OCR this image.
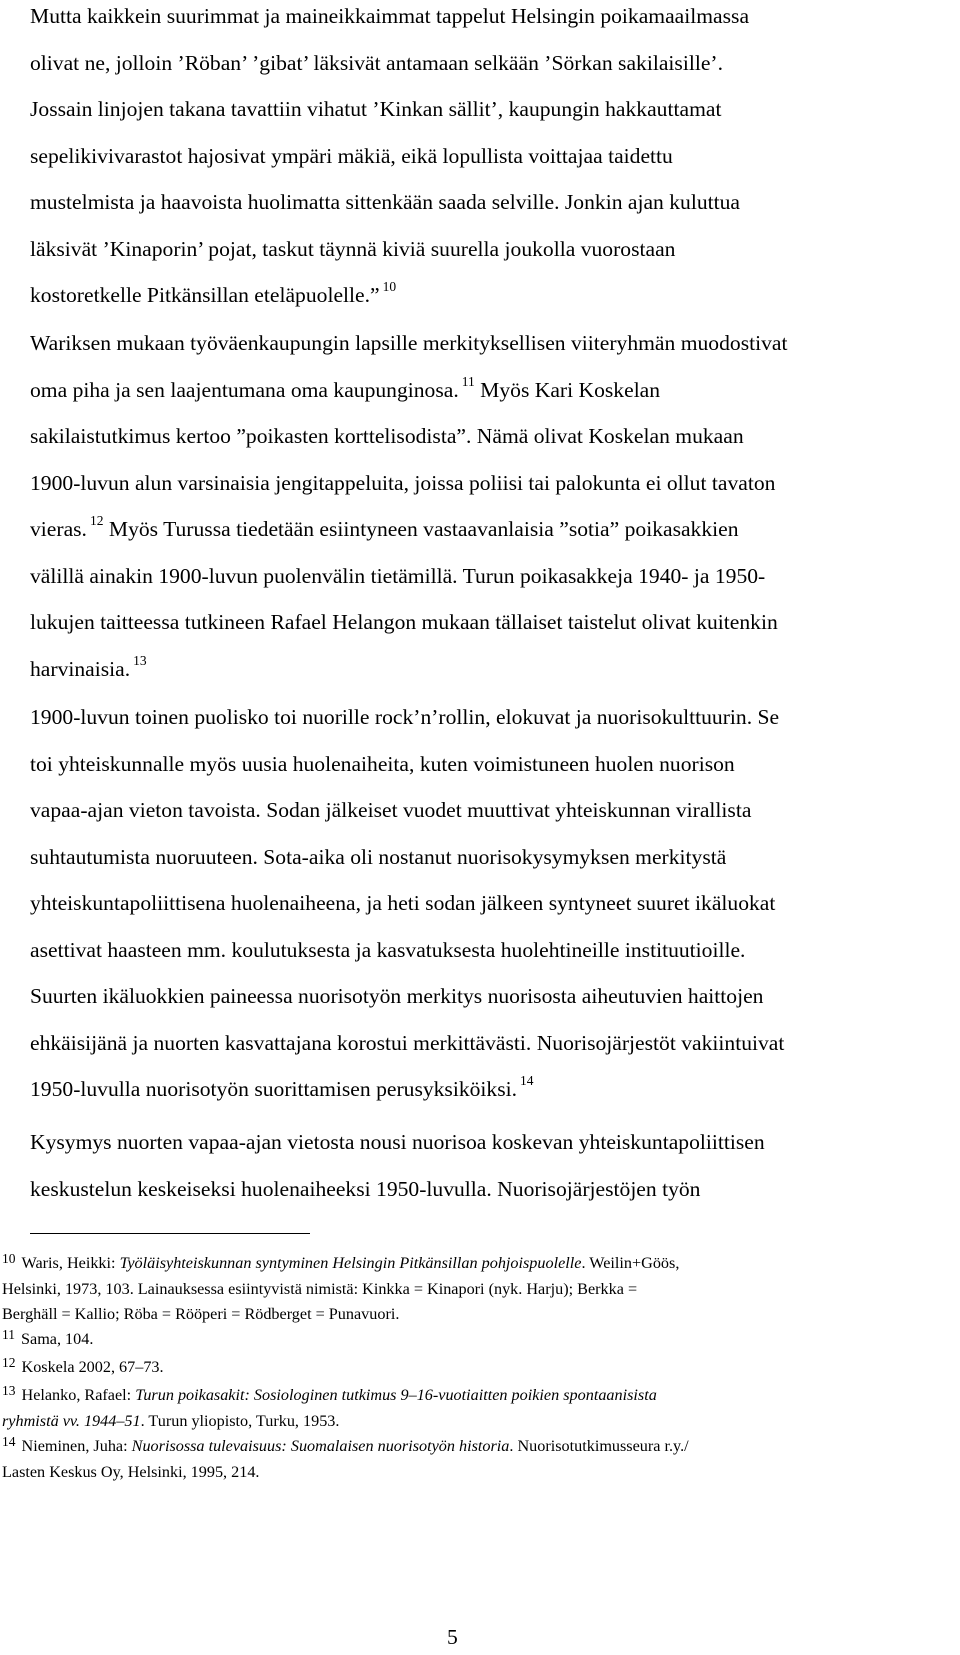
Mutta kaikkein suurimmat ja maineikkaimmat tappelut Helsingin poikamaailmassa

olivat ne, jolloin ’Röban’ ’gibat’ läksivät antamaan selkään ’Sörkan sakilaisille’.

Jossain linjojen takana tavattiin vihatut ’Kinkan sällit’, kaupungin hakkauttamat

sepelikivivarastot hajosivat ympäri mäkiä, eikä lopullista voittajaa taidettu

mustelmista ja haavoista huolimatta sittenkään saada selville. Jonkin ajan kuluttua

läksivät ’Kinaporin’ pojat, taskut täynnä kiviä suurella joukolla vuorostaan

kostoretkelle Pitkänsillan eteläpuolelle.” $^{10}$

Wariksen mukaan työväenkaupungin lapsille merkityksellisen viiteryhmän muodostivat

oma piha ja sen laajentumana oma kaupunginosa. $^{11}$ Myös Kari Koskelan

sakilaistutkimus kertoo ”poikasten korttelisodista”. Nämä olivat Koskelan mukaan

1900-luvun alun varsinaisia jengitappeluita, joissa poliisi tai palokunta ei ollut tavaton

vieras. $^{12}$ Myös Turussa tiedetään esiintyneen vastaavanlaisia ”sotia” poikasakkien

välillä ainakin 1900-luvun puolenvälin tietämillä. Turun poikasakkeja 1940- ja 1950-

lukujen taitteessa tutkineen Rafael Helangon mukaan tällaiset taistelut olivat kuitenkin

harvinaisia. $^{13}$

1900-luvun toinen puolisko toi nuorille rock’n’rollin, elokuvat ja nuorisokulttuurin. Se

toi yhteiskunnalle myös uusia huolenaiheita, kuten voimistuneen huolen nuorison

vapaa-ajan vieton tavoista. Sodan jälkeiset vuodet muuttivat yhteiskunnan virallista

suhtautumista nuoruuteen. Sota-aika oli nostanut nuorisokysymyksen merkitystä

yhteiskuntapoliittisena huolenaiheena, ja heti sodan jälkeen syntyneet suuret ikäluokat

asettivat haasteen mm. koulutuksesta ja kasvatuksesta huolehtineille instituutioille.

Suurten ikäluokkien paineessa nuorisotyön merkitys nuorisosta aiheutuvien haittojen

ehkäisijänä ja nuorten kasvattajana korostui merkittävästi. Nuorisojärjestöt vakiintuivat

1950-luvulla nuorisotyön suorittamisen perusyksiköiksi. $^{14}$

Kysymys nuorten vapaa-ajan vietosta nousi nuorisoa koskevan yhteiskuntapoliittisen

keskustelun keskeiseksi huolenaiheeksi 1950-luvulla. Nuorisojärjestöjen työn

$^{10}$ Waris, Heikki: Työläisyhteiskunnan syntyminen Helsingin Pitkänsillan pohjoispuolelle. Weilin+Göös,
Helsinki, 1973, 103. Lainauksessa esiintyvistä nimistä: Kinkka = Kinapori (nyk. Harju); Berkka =
Berghäll = Kallio; Röba = Rööperi = Rödberget = Punavuori.
$^{11}$ Sama, 104.
$^{12}$ Koskela 2002, 67–73.
$^{13}$ Helanko, Rafael: Turun poikasakit: Sosiologinen tutkimus 9–16-vuotiaitten poikien spontaanisista
ryhmistä vv. 1944–51. Turun yliopisto, Turku, 1953.
$^{14}$ Nieminen, Juha: Nuorisossa tulevaisuus: Suomalaisen nuorisotyön historia. Nuorisotutkimusseura r.y./
Lasten Keskus Oy, Helsinki, 1995, 214.
5
